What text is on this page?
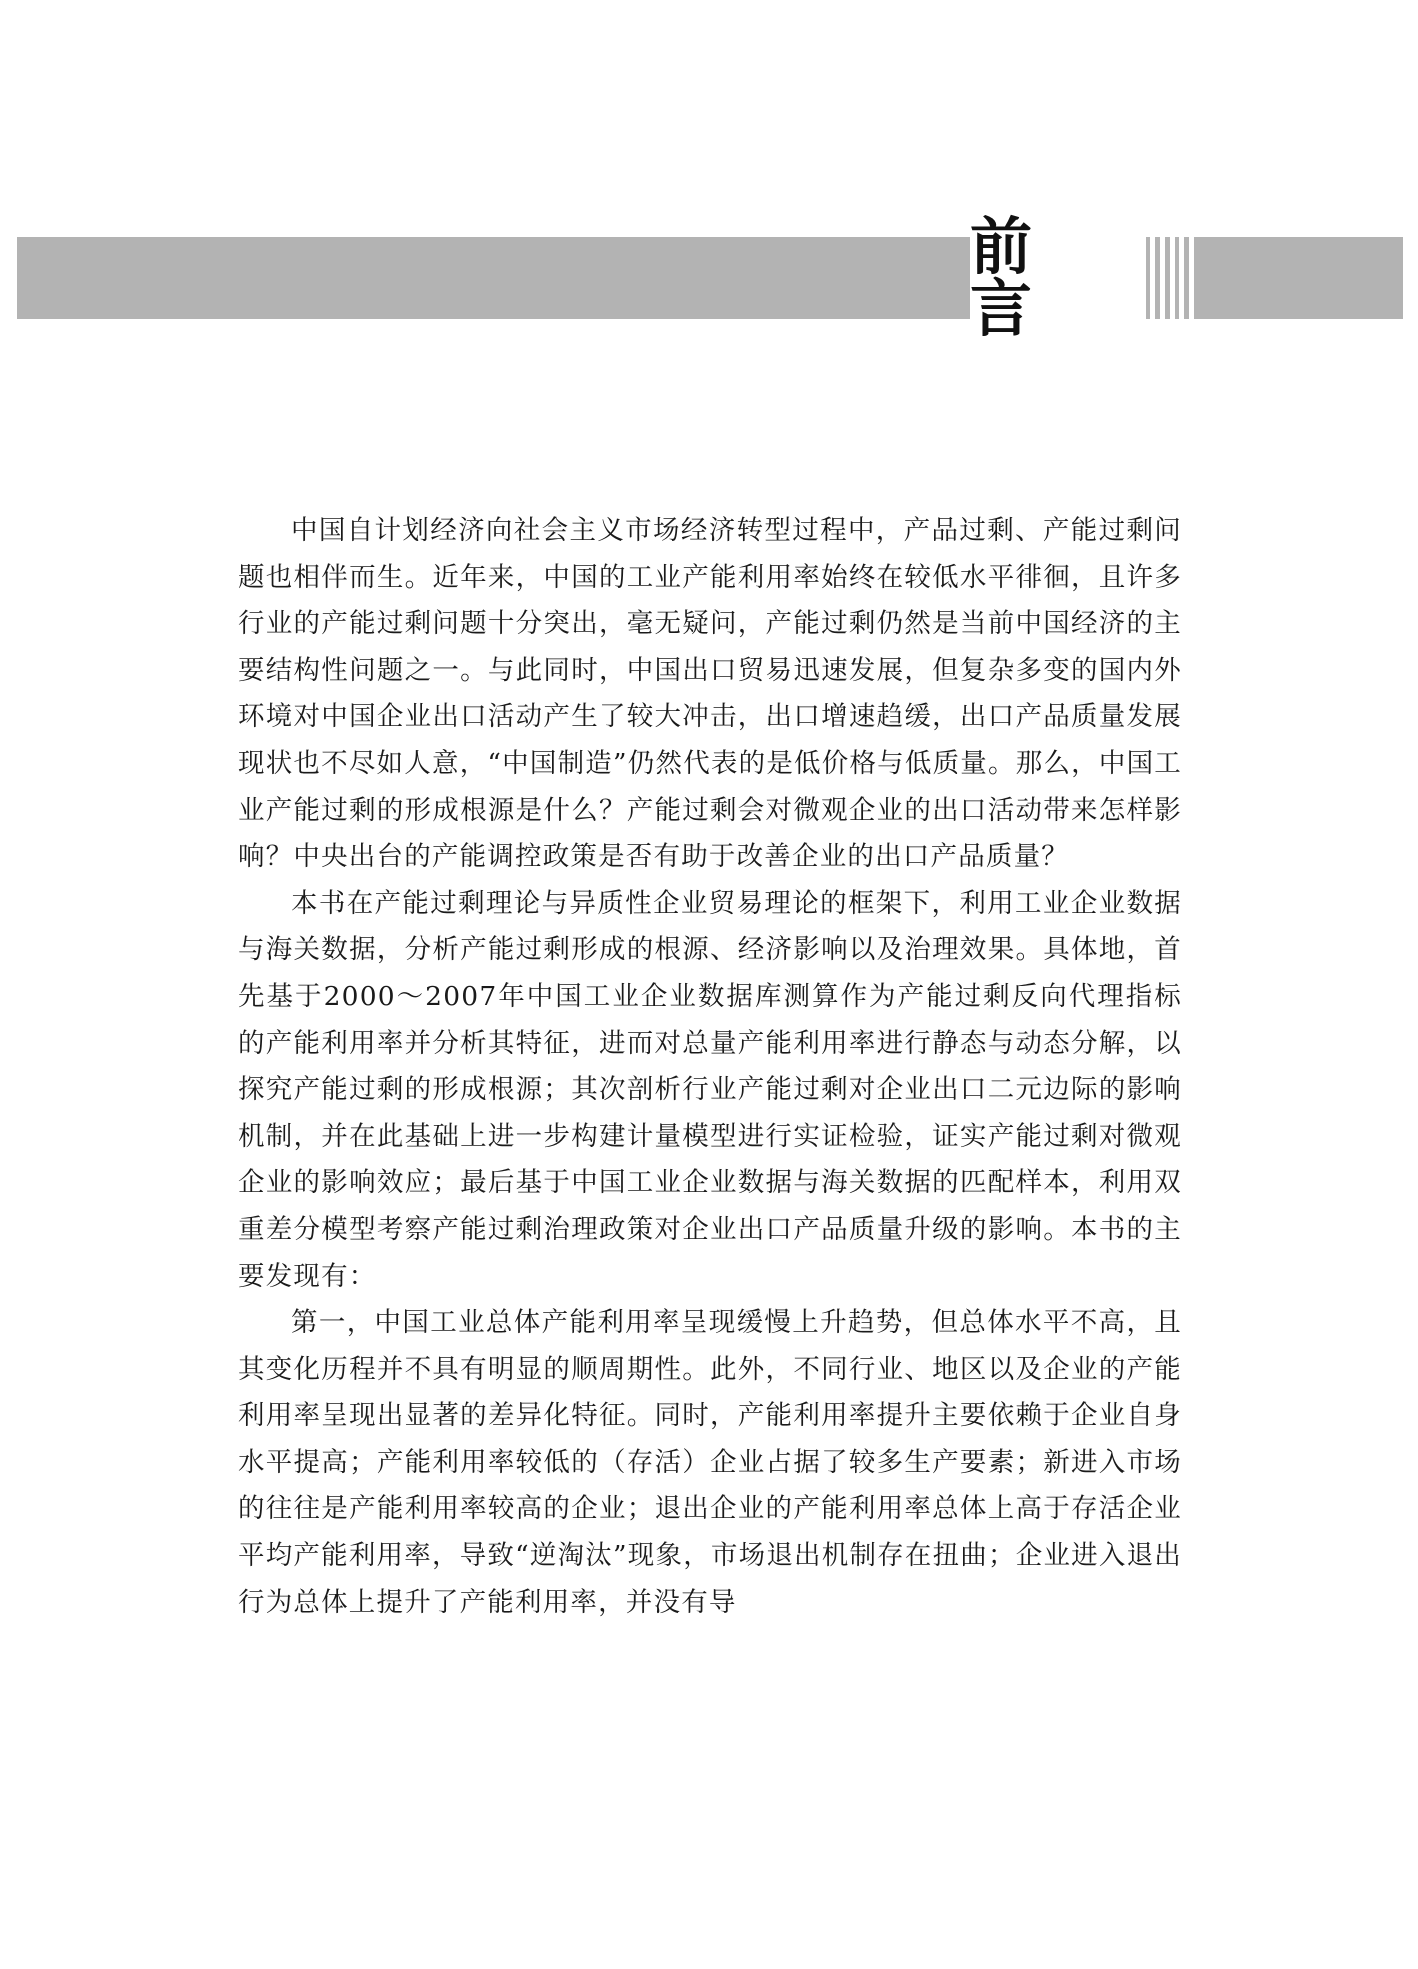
前 言

中国自计划经济向社会主义市场经济转型过程中，产品过剩、产能过剩问题也相伴而生。近年来，中国的工业产能利用率始终在较低水平徘徊，且许多行业的产能过剩问题十分突出，毫无疑问，产能过剩仍然是当前中国经济的主要结构性问题之一。与此同时，中国出口贸易迅速发展，但复杂多变的国内外环境对中国企业出口活动产生了较大冲击，出口增速趋缓，出口产品质量发展现状也不尽如人意，“中国制造”仍然代表的是低价格与低质量。那么，中国工业产能过剩的形成根源是什么？产能过剩会对微观企业的出口活动带来怎样影响？中央出台的产能调控政策是否有助于改善企业的出口产品质量？

本书在产能过剩理论与异质性企业贸易理论的框架下，利用工业企业数据与海关数据，分析产能过剩形成的根源、经济影响以及治理效果。具体地，首先基于2000～2007年中国工业企业数据库测算作为产能过剩反向代理指标的产能利用率并分析其特征，进而对总量产能利用率进行静态与动态分解，以探究产能过剩的形成根源；其次剖析行业产能过剩对企业出口二元边际的影响机制，并在此基础上进一步构建计量模型进行实证检验，证实产能过剩对微观企业的影响效应；最后基于中国工业企业数据与海关数据的匹配样本，利用双重差分模型考察产能过剩治理政策对企业出口产品质量升级的影响。本书的主要发现有：

第一，中国工业总体产能利用率呈现缓慢上升趋势，但总体水平不高，且其变化历程并不具有明显的顺周期性。此外，不同行业、地区以及企业的产能利用率呈现出显著的差异化特征。同时，产能利用率提升主要依赖于企业自身水平提高；产能利用率较低的（存活）企业占据了较多生产要素；新进入市场的往往是产能利用率较高的企业；退出企业的产能利用率总体上高于存活企业平均产能利用率，导致“逆淘汰”现象，市场退出机制存在扭曲；企业进入退出行为总体上提升了产能利用率，并没有导
